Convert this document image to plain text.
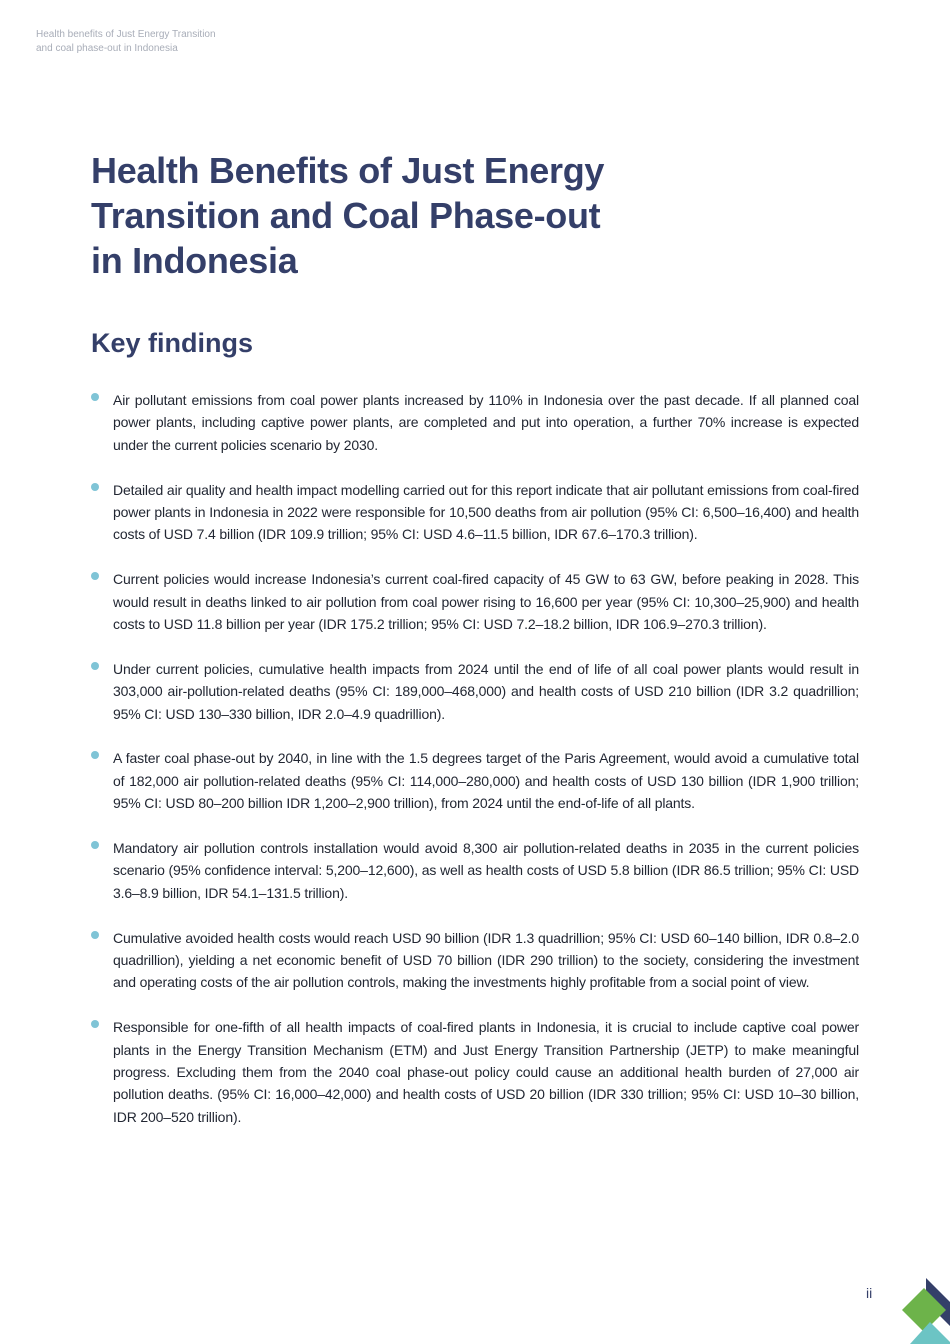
Health benefits of Just Energy Transition
and coal phase-out in Indonesia
Health Benefits of Just Energy
Transition and Coal Phase-out
in Indonesia
Key findings
Air pollutant emissions from coal power plants increased by 110% in Indonesia over the past decade. If all planned coal power plants, including captive power plants, are completed and put into operation, a further 70% increase is expected under the current policies scenario by 2030.
Detailed air quality and health impact modelling carried out for this report indicate that air pollutant emissions from coal-fired power plants in Indonesia in 2022 were responsible for 10,500 deaths from air pollution (95% CI: 6,500–16,400) and health costs of USD 7.4 billion (IDR 109.9 trillion; 95% CI: USD 4.6–11.5 billion, IDR 67.6–170.3 trillion).
Current policies would increase Indonesia’s current coal-fired capacity of 45 GW to 63 GW, before peaking in 2028. This would result in deaths linked to air pollution from coal power rising to 16,600 per year (95% CI: 10,300–25,900) and health costs to USD 11.8 billion per year (IDR 175.2 trillion; 95% CI: USD 7.2–18.2 billion, IDR 106.9–270.3 trillion).
Under current policies, cumulative health impacts from 2024 until the end of life of all coal power plants would result in 303,000 air-pollution-related deaths (95% CI: 189,000–468,000) and health costs of USD 210 billion (IDR 3.2 quadrillion; 95% CI: USD 130–330 billion, IDR 2.0–4.9 quadrillion).
A faster coal phase-out by 2040, in line with the 1.5 degrees target of the Paris Agreement, would avoid a cumulative total of 182,000 air pollution-related deaths (95% CI: 114,000–280,000) and health costs of USD 130 billion (IDR 1,900 trillion; 95% CI: USD 80–200 billion IDR 1,200–2,900 trillion), from 2024 until the end-of-life of all plants.
Mandatory air pollution controls installation would avoid 8,300 air pollution-related deaths in 2035 in the current policies scenario (95% confidence interval: 5,200–12,600), as well as health costs of USD 5.8 billion (IDR 86.5 trillion; 95% CI: USD 3.6–8.9 billion, IDR 54.1–131.5 trillion).
Cumulative avoided health costs would reach USD 90 billion (IDR 1.3 quadrillion; 95% CI: USD 60–140 billion, IDR 0.8–2.0 quadrillion), yielding a net economic benefit of USD 70 billion (IDR 290 trillion) to the society, considering the investment and operating costs of the air pollution controls, making the investments highly profitable from a social point of view.
Responsible for one-fifth of all health impacts of coal-fired plants in Indonesia, it is crucial to include captive coal power plants in the Energy Transition Mechanism (ETM) and Just Energy Transition Partnership (JETP) to make meaningful progress. Excluding them from the 2040 coal phase-out policy could cause an additional health burden of 27,000 air pollution deaths. (95% CI: 16,000–42,000) and health costs of USD 20 billion (IDR 330 trillion; 95% CI: USD 10–30 billion, IDR 200–520 trillion).
ii
